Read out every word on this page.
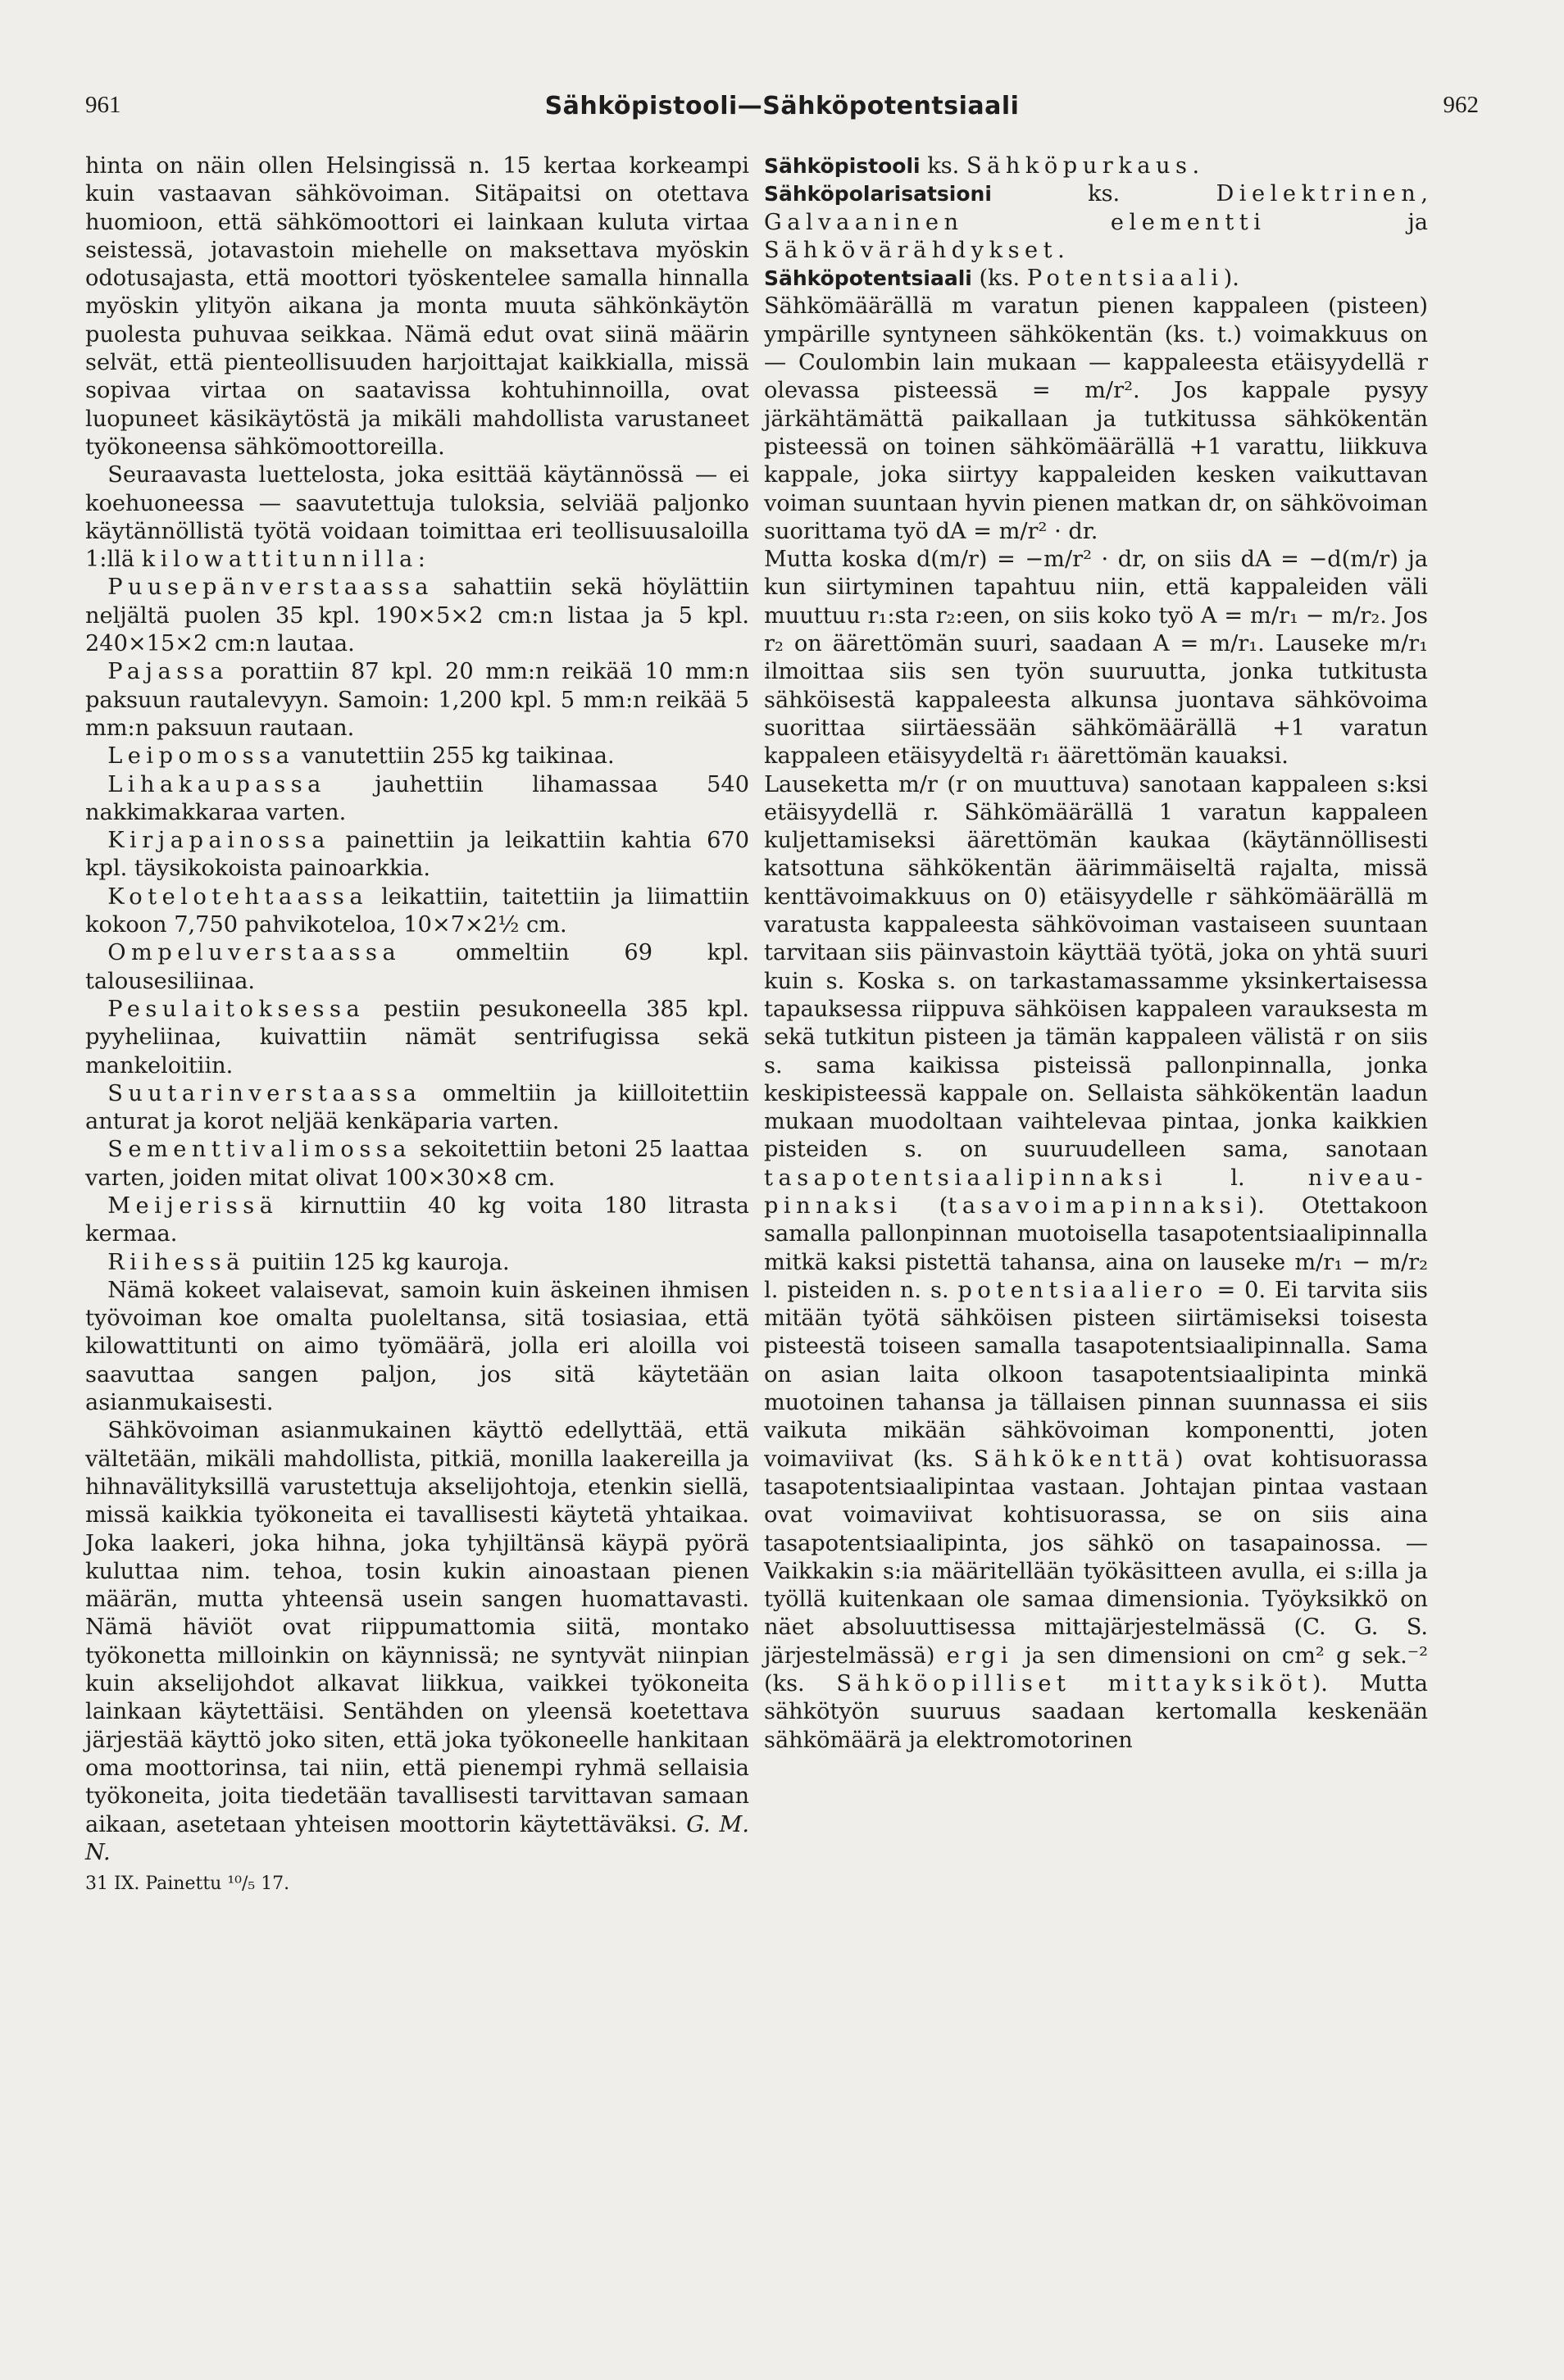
961	Sähköpistooli—Sähköpotentsiaali	962

hinta on näin ollen Helsingissä n. 15 kertaa korkeampi kuin vastaavan sähkövoiman. Sitäpaitsi on otettava huomioon, että sähkömoottori ei lainkaan kuluta virtaa seistessä, jotavastoin miehelle on maksettava myöskin odotusajasta, että moottori työskentelee samalla hinnalla myöskin ylityön aikana ja monta muuta sähkönkäytön puolesta puhuvaa seikkaa. Nämä edut ovat siinä määrin selvät, että pienteollisuuden harjoittajat kaikkialla, missä sopivaa virtaa on saatavissa kohtuhinnoilla, ovat luopuneet käsikäytöstä ja mikäli mahdollista varustaneet työkoneensa sähkömoottoreilla.

 Seuraavasta luettelosta, joka esittää käytännössä — ei koehuoneessa — saavutettuja tuloksia, selviää paljonko käytännöllistä työtä voidaan toimittaa eri teollisuusaloilla 1:llä kilowattitunnilla:

 Puusepänverstaassa sahattiin sekä höylättiin neljältä puolen 35 kpl. 190×5×2 cm:n listaa ja 5 kpl. 240×15×2 cm:n lautaa.

 Pajassa porattiin 87 kpl. 20 mm:n reikää 10 mm:n paksuun rautalevyyn. Samoin: 1,200 kpl. 5 mm:n reikää 5 mm:n paksuun rautaan.

 Leipomossa vanutettiin 255 kg taikinaa.

 Lihakaupassa jauhettiin lihamassaa 540 nakkimakkaraa varten.

 Kirjapainossa painettiin ja leikattiin kahtia 670 kpl. täysikokoista painoarkkia.

 Kotelotehtaassa leikattiin, taitettiin ja liimattiin kokoon 7,750 pahvikoteloa, 10×7×2½ cm.

 Ompeluverstaassa ommeltiin 69 kpl. talousesiliinaa.

 Pesulaitoksessa pestiin pesukoneella 385 kpl. pyyheliinaa, kuivattiin nämät sentrifugissa sekä mankeloitiin.

 Suutarinverstaassa ommeltiin ja kiilloitettiin anturat ja korot neljää kenkäparia varten.

 Sementtivalimossa sekoitettiin betoni 25 laattaa varten, joiden mitat olivat 100×30×8 cm.

 Meijerissä kirnuttiin 40 kg voita 180 litrasta kermaa.

 Riihessä puitiin 125 kg kauroja.

 Nämä kokeet valaisevat, samoin kuin äskeinen ihmisen työvoiman koe omalta puoleltansa, sitä tosiasiaa, että kilowattitunti on aimo työmäärä, jolla eri aloilla voi saavuttaa sangen paljon, jos sitä käytetään asianmukaisesti.

 Sähkövoiman asianmukainen käyttö edellyttää, että vältetään, mikäli mahdollista, pitkiä, monilla laakereilla ja hihnavälityksillä varustettuja akselijohtoja, etenkin siellä, missä kaikkia työkoneita ei tavallisesti käytetä yhtaikaa. Joka laakeri, joka hihna, joka tyhjiltänsä käypä pyörä kuluttaa nim. tehoa, tosin kukin ainoastaan pienen määrän, mutta yhteensä usein sangen huomattavasti. Nämä häviöt ovat riippumattomia siitä, montako työkonetta milloinkin on käynnissä; ne syntyvät niinpian kuin akselijohdot alkavat liikkua, vaikkei työkoneita lainkaan käytettäisi. Sentähden on yleensä koetettava järjestää käyttö joko siten, että joka työkoneelle hankitaan oma moottorinsa, tai niin, että pienempi ryhmä sellaisia työkoneita, joita tiedetään tavallisesti tarvittavan samaan aikaan, asetetaan yhteisen moottorin käytettäväksi. G. M. N.

31 IX. Painettu ¹⁰/₅ 17.

Sähköpistooli ks. Sähköpurkaus.

Sähköpolarisatsioni ks. Dielektrinen, Galvaaninen elementti ja Sähkövärähdykset.

Sähköpotentsiaali (ks. Potentsiaali).

Sähkömäärällä m varatun pienen kappaleen (pisteen) ympärille syntyneen sähkökentän (ks. t.) voimakkuus on — Coulombin lain mukaan — kappaleesta etäisyydellä r olevassa pisteessä = m/r². Jos kappale pysyy järkähtämättä paikallaan ja tutkitussa sähkökentän pisteessä on toinen sähkömäärällä +1 varattu, liikkuva kappale, joka siirtyy kappaleiden kesken vaikuttavan voiman suuntaan hyvin pienen matkan dr, on sähkövoiman suorittama työ dA = m/r² · dr.

Mutta koska d(m/r) = −m/r² · dr, on siis dA = −d(m/r) ja kun siirtyminen tapahtuu niin, että kappaleiden väli muuttuu r₁:sta r₂:een, on siis koko työ A = m/r₁ − m/r₂. Jos r₂ on äärettömän suuri, saadaan A = m/r₁. Lauseke m/r₁ ilmoittaa siis sen työn suuruutta, jonka tutkitusta sähköisestä kappaleesta alkunsa juontava sähkövoima suorittaa siirtäessään sähkömäärällä +1 varatun kappaleen etäisyydeltä r₁ äärettömän kauaksi.

Lauseketta m/r (r on muuttuva) sanotaan kappaleen s:ksi etäisyydellä r. Sähkömäärällä 1 varatun kappaleen kuljettamiseksi äärettömän kaukaa (käytännöllisesti katsottuna sähkökentän äärimmäiseltä rajalta, missä kenttävoimakkuus on 0) etäisyydelle r sähkömäärällä m varatusta kappaleesta sähkövoiman vastaiseen suuntaan tarvitaan siis päinvastoin käyttää työtä, joka on yhtä suuri kuin s. Koska s. on tarkastamassamme yksinkertaisessa tapauksessa riippuva sähköisen kappaleen varauksesta m sekä tutkitun pisteen ja tämän kappaleen välistä r on siis s. sama kaikissa pisteissä pallonpinnalla, jonka keskipisteessä kappale on. Sellaista sähkökentän laadun mukaan muodoltaan vaihtelevaa pintaa, jonka kaikkien pisteiden s. on suuruudelleen sama, sanotaan tasapotentsiaalipinnaksi l. niveau-pinnaksi (tasavoimapinnaksi). Otettakoon samalla pallonpinnan muotoisella tasapotentsiaalipinnalla mitkä kaksi pistettä tahansa, aina on lauseke m/r₁ − m/r₂ l. pisteiden n. s. potentsiaaliero = 0. Ei tarvita siis mitään työtä sähköisen pisteen siirtämiseksi toisesta pisteestä toiseen samalla tasapotentsiaalipinnalla. Sama on asian laita olkoon tasapotentsiaalipinta minkä muotoinen tahansa ja tällaisen pinnan suunnassa ei siis vaikuta mikään sähkövoiman komponentti, joten voimaviivat (ks. Sähkökenttä) ovat kohtisuorassa tasapotentsiaalipintaa vastaan. Johtajan pintaa vastaan ovat voimaviivat kohtisuorassa, se on siis aina tasapotentsiaalipinta, jos sähkö on tasapainossa. — Vaikkakin s:ia määritellään työkäsitteen avulla, ei s:illa ja työllä kuitenkaan ole samaa dimensionia. Työyksikkö on näet absoluuttisessa mittajärjestelmässä (C. G. S. järjestelmässä) ergi ja sen dimensioni on cm² g sek.⁻² (ks. Sähköopilliset mittayksiköt). Mutta sähkötyön suuruus saadaan kertomalla keskenään sähkömäärä ja elektromotorinen
